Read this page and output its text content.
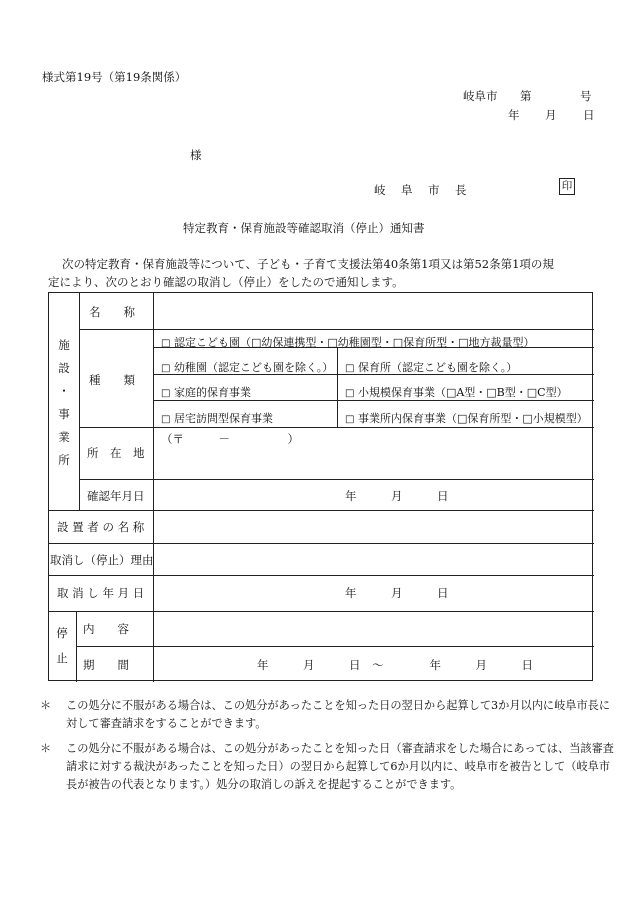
様式第19号（第19条関係）
岐阜市 第	号
年 月 日
様
岐　阜　市　長	印
特定教育・保育施設等確認取消（停止）通知書
次の特定教育・保育施設等について、子ども・子育て支援法第40条第1項又は第52条第1項の規
定により、次のとおり確認の取消し（停止）をしたので通知します。
施
設
・
事
業
所
名　　称
種　　類
□ 認定こども園（□幼保連携型・□幼稚園型・□保育所型・□地方裁量型）
□ 幼稚園（認定こども園を除く。） □ 保育所（認定こども園を除く。）
□ 家庭的保育事業	□ 小規模保育事業（□A型・□B型・□C型）
□ 居宅訪問型保育事業	□ 事業所内保育事業（□保育所型・□小規模型）
所　在　地
（〒　　　－　　　　　）
確認年月日	年　　　月　　　日
設 置 者 の 名 称
取消し（停止）理由
取 消 し 年 月 日	年　　　月　　　日
停
止
内　　容
期　　間	年　　　月　　　日　～　　　　年　　　月　　　日
＊ この処分に不服がある場合は、この処分があったことを知った日の翌日から起算して3か月以内に岐阜市長に対して審査請求をすることができます。
＊ この処分に不服がある場合は、この処分があったことを知った日（審査請求をした場合にあっては、当該審査請求に対する裁決があったことを知った日）の翌日から起算して6か月以内に、岐阜市を被告として（岐阜市長が被告の代表となります。）処分の取消しの訴えを提起することができます。
